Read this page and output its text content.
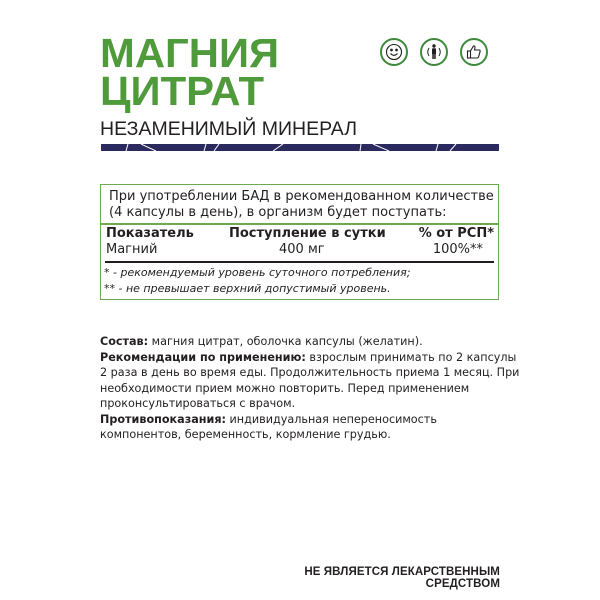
МАГНИЯ
ЦИТРАТ
НЕЗАМЕНИМЫЙ МИНЕРАЛ
При употреблении БАД в рекомендованном количестве
(4 капсулы в день), в организм будет поступать:
Показатель	Поступление в сутки	% от РСП*
Магний	400 мг	100%**
* - рекомендуемый уровень суточного потребления;
** - не превышает верхний допустимый уровень.
Состав: магния цитрат, оболочка капсулы (желатин).
Рекомендации по применению: взрослым принимать по 2 капсулы 2 раза в день во время еды. Продолжительность приема 1 месяц. При необходимости прием можно повторить. Перед применением проконсультироваться с врачом.
Противопоказания: индивидуальная непереносимость компонентов, беременность, кормление грудью.
НЕ ЯВЛЯЕТСЯ ЛЕКАРСТВЕННЫМ СРЕДСТВОМ
